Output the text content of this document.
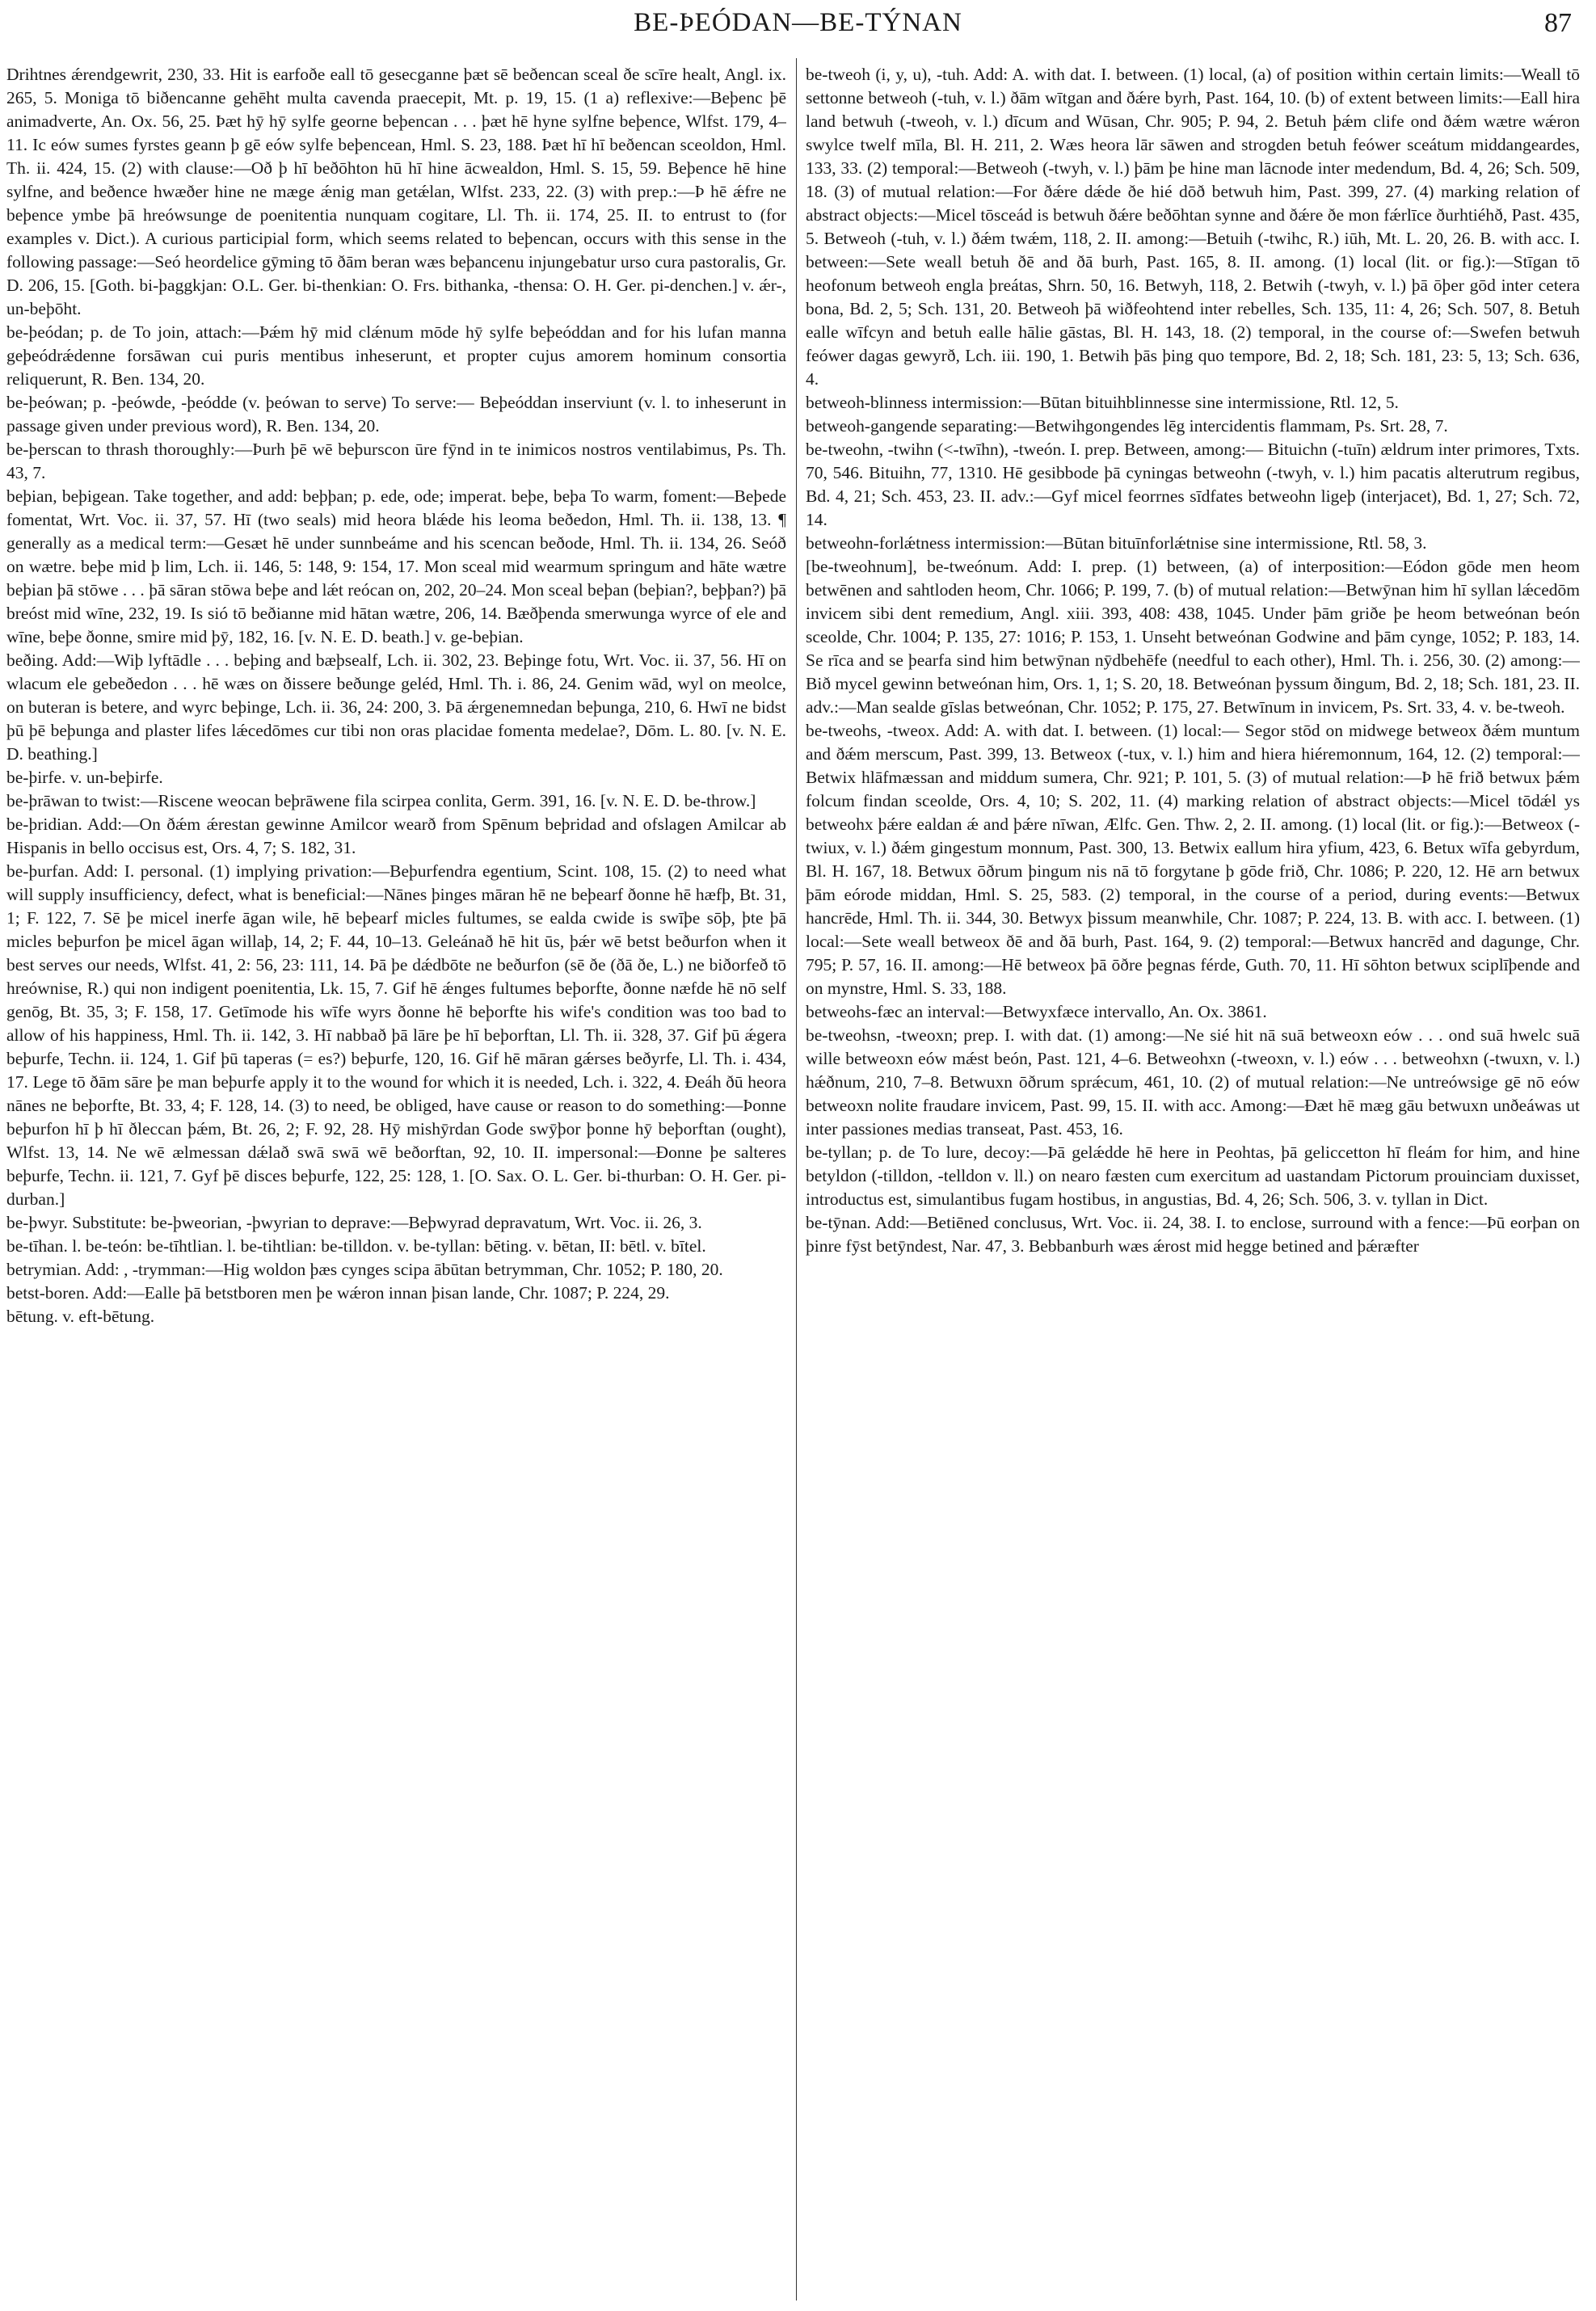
BE-ÞEÓDAN—BE-TÝNAN	87

Drihtnes ǽrendgewrit, 230, 33. Hit is earfoðe eall tō gesecganne þæt sē beðencan sceal ðe scīre healt, Angl. ix. 265, 5. Moniga tō biðencanne gehēht multa cavenda praecepit, Mt. p. 19, 15. (1 a) reflexive:—Beþenc þē animadverte, An. Ox. 56, 25. Þæt hȳ hȳ sylfe georne beþencan . . . þæt hē hyne sylfne beþence, Wlfst. 179, 4–11. Ic eów sumes fyrstes geann þ gē eów sylfe beþencean, Hml. S. 23, 188. Þæt hī hī beðencan sceoldon, Hml. Th. ii. 424, 15. (2) with clause:—Oð þ hī beðōhton hū hī hine ācwealdon, Hml. S. 15, 59. Beþence hē hine sylfne, and beðence hwæðer hine ne mæge ǽnig man getǽlan, Wlfst. 233, 22. (3) with prep.:—Þ hē ǽfre ne beþence ymbe þā hreówsunge de poenitentia nunquam cogitare, Ll. Th. ii. 174, 25. II. to entrust to (for examples v. Dict.). A curious participial form, which seems related to beþencan, occurs with this sense in the following passage:—Seó heordelice gȳming tō ðām beran wæs beþancenu injungebatur urso cura pastoralis, Gr. D. 206, 15. [Goth. bi-þaggkjan: O.L. Ger. bi-thenkian: O. Frs. bithanka, -thensa: O. H. Ger. pi-denchen.] v. ǽr-, un-beþōht.

be-þeódan; p. de To join, attach:—Þǽm hȳ mid clǽnum mōde hȳ sylfe beþeóddan and for his lufan manna geþeódrǽdenne forsāwan cui puris mentibus inheserunt, et propter cujus amorem hominum consortia reliquerunt, R. Ben. 134, 20.

be-þeówan; p. -þeówde, -þeódde (v. þeówan to serve) To serve:— Beþeóddan inserviunt (v. l. to inheserunt in passage given under previous word), R. Ben. 134, 20.

be-þerscan to thrash thoroughly:—Þurh þē wē beþurscon ūre fȳnd in te inimicos nostros ventilabimus, Ps. Th. 43, 7.

beþian, beþigean. Take together, and add: beþþan; p. ede, ode; imperat. beþe, beþa To warm, foment:—Beþede fomentat, Wrt. Voc. ii. 37, 57. Hī (two seals) mid heora blǽde his leoma beðedon, Hml. Th. ii. 138, 13. ¶ generally as a medical term:—Gesæt hē under sunnbeáme and his scencan beðode, Hml. Th. ii. 134, 26. Seóð on wætre. beþe mid þ lim, Lch. ii. 146, 5: 148, 9: 154, 17. Mon sceal mid wearmum springum and hāte wætre beþian þā stōwe . . . þā sāran stōwa beþe and lǽt reócan on, 202, 20–24. Mon sceal beþan (beþian?, beþþan?) þā breóst mid wīne, 232, 19. Is sió tō beðianne mid hātan wætre, 206, 14. Bæðþenda smerwunga wyrce of ele and wīne, beþe ðonne, smire mid þȳ, 182, 16. [v. N. E. D. beath.] v. ge-beþian.

beðing. Add:—Wiþ lyftādle . . . beþing and bæþsealf, Lch. ii. 302, 23. Beþinge fotu, Wrt. Voc. ii. 37, 56. Hī on wlacum ele gebeðedon . . . hē wæs on ðissere beðunge geléd, Hml. Th. i. 86, 24. Genim wād, wyl on meolce, on buteran is betere, and wyrc beþinge, Lch. ii. 36, 24: 200, 3. Þā ǽrgenemnedan beþunga, 210, 6. Hwī ne bidst þū þē beþunga and plaster lifes lǽcedōmes cur tibi non oras placidae fomenta medelae?, Dōm. L. 80. [v. N. E. D. beathing.]

be-þirfe. v. un-beþirfe.

be-þrāwan to twist:—Riscene weocan beþrāwene fila scirpea conlita, Germ. 391, 16. [v. N. E. D. be-throw.]

be-þridian. Add:—On ðǽm ǽrestan gewinne Amilcor wearð from Spēnum beþridad and ofslagen Amilcar ab Hispanis in bello occisus est, Ors. 4, 7; S. 182, 31.

be-þurfan. Add: I. personal. (1) implying privation:—Beþurfendra egentium, Scint. 108, 15. (2) to need what will supply insufficiency, defect, what is beneficial:—Nānes þinges māran hē ne beþearf ðonne hē hæfþ, Bt. 31, 1; F. 122, 7. Sē þe micel inerfe āgan wile, hē beþearf micles fultumes, se ealda cwide is swīþe sōþ, þte þā micles beþurfon þe micel āgan willaþ, 14, 2; F. 44, 10–13. Geleánað hē hit ūs, þǽr wē betst beðurfon when it best serves our needs, Wlfst. 41, 2: 56, 23: 111, 14. Þā þe dǽdbōte ne beðurfon (sē ðe (ðā ðe, L.) ne biðorfeð tō hreównise, R.) qui non indigent poenitentia, Lk. 15, 7. Gif hē ǽnges fultumes beþorfte, ðonne næfde hē nō self genōg, Bt. 35, 3; F. 158, 17. Getīmode his wīfe wyrs ðonne hē beþorfte his wife's condition was too bad to allow of his happiness, Hml. Th. ii. 142, 3. Hī nabbað þā lāre þe hī beþorftan, Ll. Th. ii. 328, 37. Gif þū ǽgera beþurfe, Techn. ii. 124, 1. Gif þū taperas (= es?) beþurfe, 120, 16. Gif hē māran gǽrses beðyrfe, Ll. Th. i. 434, 17. Lege tō ðām sāre þe man beþurfe apply it to the wound for which it is needed, Lch. i. 322, 4. Ðeáh ðū heora nānes ne beþorfte, Bt. 33, 4; F. 128, 14. (3) to need, be obliged, have cause or reason to do something:—Þonne beþurfon hī þ hī ðleccan þǽm, Bt. 26, 2; F. 92, 28. Hȳ mishȳrdan Gode swȳþor þonne hȳ beþorftan (ought), Wlfst. 13, 14. Ne wē ælmessan dǽlað swā swā wē beðorftan, 92, 10. II. impersonal:—Ðonne þe salteres beþurfe, Techn. ii. 121, 7. Gyf þē disces beþurfe, 122, 25: 128, 1. [O. Sax. O. L. Ger. bi-thurban: O. H. Ger. pi-durban.]

be-þwyr. Substitute: be-þweorian, -þwyrian to deprave:—Beþwyrad depravatum, Wrt. Voc. ii. 26, 3.

be-tīhan. l. be-teón: be-tīhtlian. l. be-tihtlian: be-tilldon. v. be-tyllan: bēting. v. bētan, II: bētl. v. bītel.

betrymian. Add: , -trymman:—Hig woldon þæs cynges scipa ābūtan betrymman, Chr. 1052; P. 180, 20.

betst-boren. Add:—Ealle þā betstboren men þe wǽron innan þisan lande, Chr. 1087; P. 224, 29.

bētung. v. eft-bētung.

be-tweoh (i, y, u), -tuh. Add: A. with dat. I. between. (1) local, (a) of position within certain limits:—Weall tō settonne betweoh (-tuh, v. l.) ðām wītgan and ðǽre byrh, Past. 164, 10. (b) of extent between limits:—Eall hira land betwuh (-tweoh, v. l.) dīcum and Wūsan, Chr. 905; P. 94, 2. Betuh þǽm clife ond ðǽm wætre wǽron swylce twelf mīla, Bl. H. 211, 2. Wæs heora lār sāwen and strogden betuh feówer sceátum middangeardes, 133, 33. (2) temporal:—Betweoh (-twyh, v. l.) þām þe hine man lācnode inter medendum, Bd. 4, 26; Sch. 509, 18. (3) of mutual relation:—For ðǽre dǽde ðe hié dōð betwuh him, Past. 399, 27. (4) marking relation of abstract objects:—Micel tōsceád is betwuh ðǽre beðōhtan synne and ðǽre ðe mon fǽrlīce ðurhtiéhð, Past. 435, 5. Betweoh (-tuh, v. l.) ðǽm twǽm, 118, 2. II. among:—Betuih (-twihc, R.) iūh, Mt. L. 20, 26. B. with acc. I. between:—Sete weall betuh ðē and ðā burh, Past. 165, 8. II. among. (1) local (lit. or fig.):—Stīgan tō heofonum betweoh engla þreátas, Shrn. 50, 16. Betwyh, 118, 2. Betwih (-twyh, v. l.) þā ōþer gōd inter cetera bona, Bd. 2, 5; Sch. 131, 20. Betweoh þā wiðfeohtend inter rebelles, Sch. 135, 11: 4, 26; Sch. 507, 8. Betuh ealle wīfcyn and betuh ealle hālie gāstas, Bl. H. 143, 18. (2) temporal, in the course of:—Swefen betwuh feówer dagas gewyrð, Lch. iii. 190, 1. Betwih þās þing quo tempore, Bd. 2, 18; Sch. 181, 23: 5, 13; Sch. 636, 4.

betweoh-blinness intermission:—Būtan bituihblinnesse sine intermissione, Rtl. 12, 5.

betweoh-gangende separating:—Betwihgongendes lēg intercidentis flammam, Ps. Srt. 28, 7.

be-tweohn, -twihn (<-twīhn), -tweón. I. prep. Between, among:— Bituichn (-tuīn) ældrum inter primores, Txts. 70, 546. Bituihn, 77, 1310. Hē gesibbode þā cyningas betweohn (-twyh, v. l.) him pacatis alterutrum regibus, Bd. 4, 21; Sch. 453, 23. II. adv.:—Gyf micel feorrnes sīdfates betweohn ligeþ (interjacet), Bd. 1, 27; Sch. 72, 14.

betweohn-forlǽtness intermission:—Būtan bituīnforlǽtnise sine intermissione, Rtl. 58, 3.

[be-tweohnum], be-tweónum. Add: I. prep. (1) between, (a) of interposition:—Eódon gōde men heom betwēnen and sahtloden heom, Chr. 1066; P. 199, 7. (b) of mutual relation:—Betwȳnan him hī syllan lǽcedōm invicem sibi dent remedium, Angl. xiii. 393, 408: 438, 1045. Under þām griðe þe heom betweónan beón sceolde, Chr. 1004; P. 135, 27: 1016; P. 153, 1. Unseht betweónan Godwine and þām cynge, 1052; P. 183, 14. Se rīca and se þearfa sind him betwȳnan nȳdbehēfe (needful to each other), Hml. Th. i. 256, 30. (2) among:—Bið mycel gewinn betweónan him, Ors. 1, 1; S. 20, 18. Betweónan þyssum ðingum, Bd. 2, 18; Sch. 181, 23. II. adv.:—Man sealde gīslas betweónan, Chr. 1052; P. 175, 27. Betwīnum in invicem, Ps. Srt. 33, 4. v. be-tweoh.

be-tweohs, -tweox. Add: A. with dat. I. between. (1) local:— Segor stōd on midwege betweox ðǽm muntum and ðǽm merscum, Past. 399, 13. Betweox (-tux, v. l.) him and hiera hiéremonnum, 164, 12. (2) temporal:—Betwix hlāfmæssan and middum sumera, Chr. 921; P. 101, 5. (3) of mutual relation:—Þ hē frið betwux þǽm folcum findan sceolde, Ors. 4, 10; S. 202, 11. (4) marking relation of abstract objects:—Micel tōdǽl ys betweohx þǽre ealdan ǽ and þǽre nīwan, Ælfc. Gen. Thw. 2, 2. II. among. (1) local (lit. or fig.):—Betweox (-twiux, v. l.) ðǽm gingestum monnum, Past. 300, 13. Betwix eallum hira yfium, 423, 6. Betux wīfa gebyrdum, Bl. H. 167, 18. Betwux ōðrum þingum nis nā tō forgytane þ gōde frið, Chr. 1086; P. 220, 12. Hē arn betwux þām eórode middan, Hml. S. 25, 583. (2) temporal, in the course of a period, during events:—Betwux hancrēde, Hml. Th. ii. 344, 30. Betwyx þissum meanwhile, Chr. 1087; P. 224, 13. B. with acc. I. between. (1) local:—Sete weall betweox ðē and ðā burh, Past. 164, 9. (2) temporal:—Betwux hancrēd and dagunge, Chr. 795; P. 57, 16. II. among:—Hē betweox þā ōðre þegnas férde, Guth. 70, 11. Hī sōhton betwux sciplīþende and on mynstre, Hml. S. 33, 188.

betweohs-fæc an interval:—Betwyxfæce intervallo, An. Ox. 3861.

be-tweohsn, -tweoxn; prep. I. with dat. (1) among:—Ne sié hit nā suā betweoxn eów . . . ond suā hwelc suā wille betweoxn eów mǽst beón, Past. 121, 4–6. Betweohxn (-tweoxn, v. l.) eów . . . betweohxn (-twuxn, v. l.) hǽðnum, 210, 7–8. Betwuxn ōðrum sprǽcum, 461, 10. (2) of mutual relation:—Ne untreówsige gē nō eów betweoxn nolite fraudare invicem, Past. 99, 15. II. with acc. Among:—Ðæt hē mæg gāu betwuxn unðeáwas ut inter passiones medias transeat, Past. 453, 16.

be-tyllan; p. de To lure, decoy:—Þā gelǽdde hē here in Peohtas, þā geliccetton hī fleám for him, and hine betyldon (-tilldon, -telldon v. ll.) on nearo fæsten cum exercitum ad uastandam Pictorum prouinciam duxisset, introductus est, simulantibus fugam hostibus, in angustias, Bd. 4, 26; Sch. 506, 3. v. tyllan in Dict.

be-tȳnan. Add:—Betiēned conclusus, Wrt. Voc. ii. 24, 38. I. to enclose, surround with a fence:—Þū eorþan on þinre fȳst betȳndest, Nar. 47, 3. Bebbanburh wæs ǽrost mid hegge betined and þǽræfter
